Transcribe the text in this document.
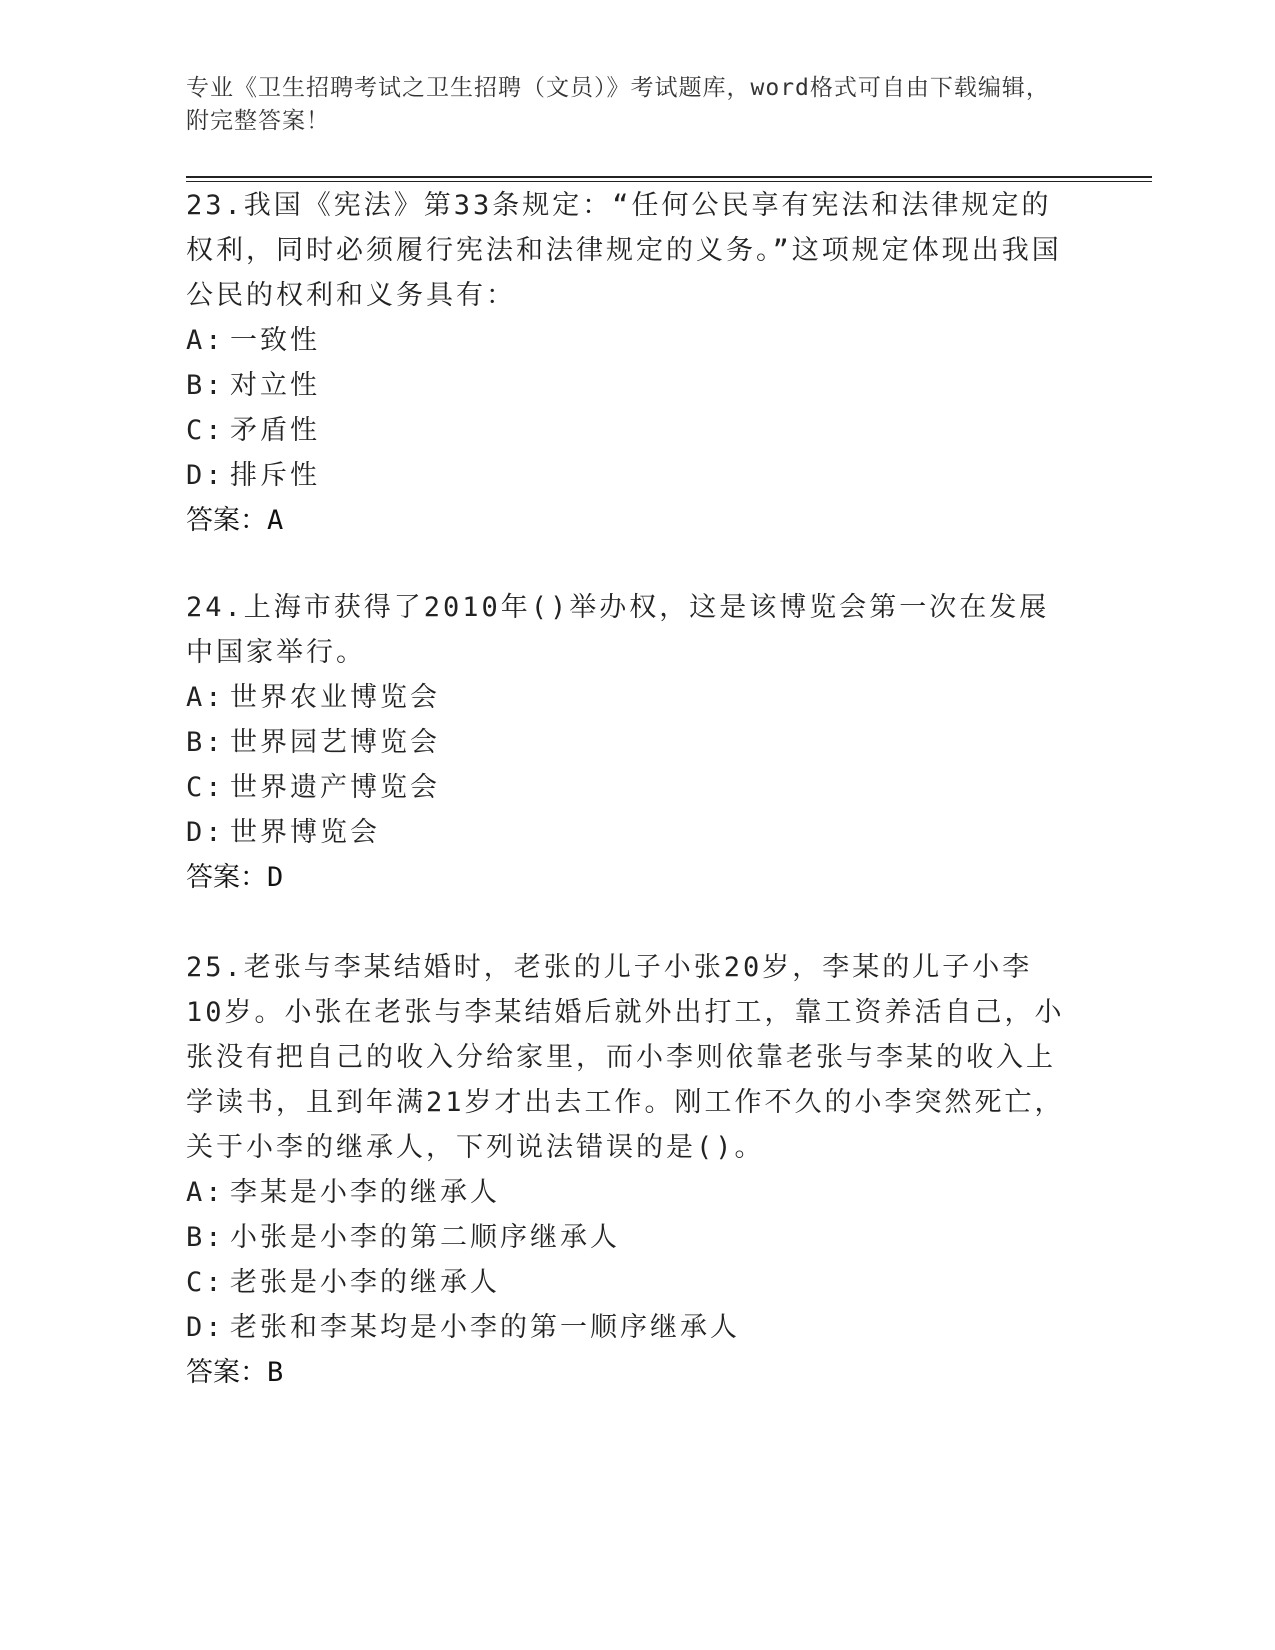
专业《卫生招聘考试之卫生招聘（文员）》考试题库，word格式可自由下载编辑，附完整答案！

23.我国《宪法》第33条规定：“任何公民享有宪法和法律规定的权利，同时必须履行宪法和法律规定的义务。”这项规定体现出我国公民的权利和义务具有：

A: 一致性

B: 对立性

C: 矛盾性

D: 排斥性

答案：A

24.上海市获得了2010年()举办权，这是该博览会第一次在发展中国家举行。

A: 世界农业博览会

B: 世界园艺博览会

C: 世界遗产博览会

D: 世界博览会

答案：D

25.老张与李某结婚时，老张的儿子小张20岁，李某的儿子小李10岁。小张在老张与李某结婚后就外出打工，靠工资养活自己，小张没有把自己的收入分给家里，而小李则依靠老张与李某的收入上学读书，且到年满21岁才出去工作。刚工作不久的小李突然死亡，关于小李的继承人，下列说法错误的是()。

A: 李某是小李的继承人

B: 小张是小李的第二顺序继承人

C: 老张是小李的继承人

D: 老张和李某均是小李的第一顺序继承人

答案：B
